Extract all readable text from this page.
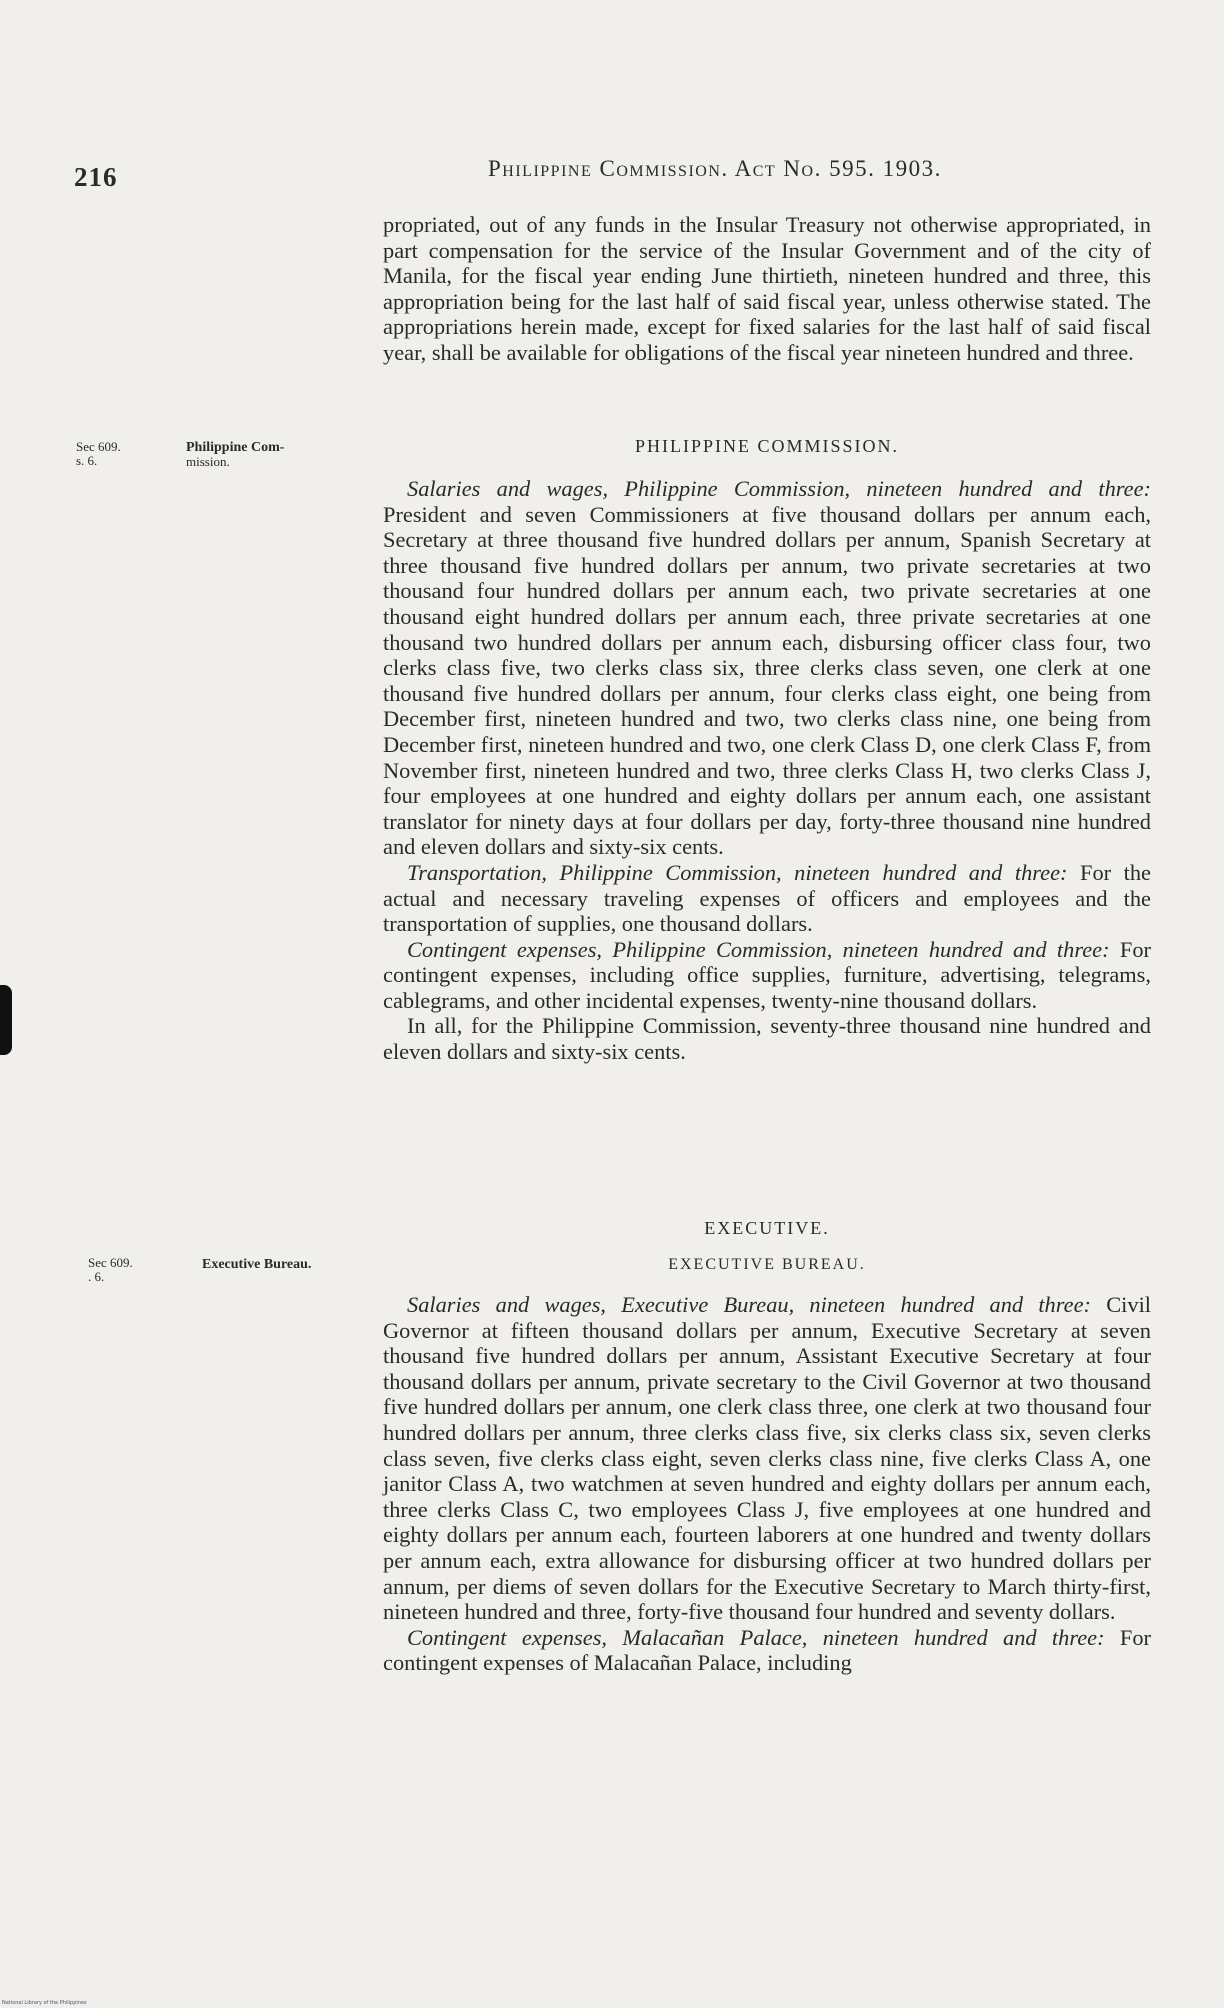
216	Philippine Commission. Act No. 595. 1903.

propriated, out of any funds in the Insular Treasury not otherwise appropriated, in part compensation for the service of the Insular Government and of the city of Manila, for the fiscal year ending June thirtieth, nineteen hundred and three, this appropriation being for the last half of said fiscal year, unless otherwise stated. The appropriations herein made, except for fixed salaries for the last half of said fiscal year, shall be available for obligations of the fiscal year nineteen hundred and three.

Sec 609.
s. 6.
Philippine Com-
mission.
PHILIPPINE COMMISSION.

Salaries and wages, Philippine Commission, nineteen hundred and three: President and seven Commissioners at five thousand dollars per annum each, Secretary at three thousand five hundred dollars per annum, Spanish Secretary at three thousand five hundred dollars per annum, two private secretaries at two thousand four hundred dollars per annum each, two private secretaries at one thousand eight hundred dollars per annum each, three private secretaries at one thousand two hundred dollars per annum each, disbursing officer class four, two clerks class five, two clerks class six, three clerks class seven, one clerk at one thousand five hundred dollars per annum, four clerks class eight, one being from December first, nineteen hundred and two, two clerks class nine, one being from December first, nineteen hundred and two, one clerk Class D, one clerk Class F, from November first, nineteen hundred and two, three clerks Class H, two clerks Class J, four employees at one hundred and eighty dollars per annum each, one assistant translator for ninety days at four dollars per day, forty-three thousand nine hundred and eleven dollars and sixty-six cents.

Transportation, Philippine Commission, nineteen hundred and three: For the actual and necessary traveling expenses of officers and employees and the transportation of supplies, one thousand dollars.

Contingent expenses, Philippine Commission, nineteen hundred and three: For contingent expenses, including office supplies, furniture, advertising, telegrams, cablegrams, and other incidental expenses, twenty-nine thousand dollars.

In all, for the Philippine Commission, seventy-three thousand nine hundred and eleven dollars and sixty-six cents.

EXECUTIVE.
Sec 609.
. 6.
Executive Bureau.	EXECUTIVE BUREAU.

Salaries and wages, Executive Bureau, nineteen hundred and three: Civil Governor at fifteen thousand dollars per annum, Executive Secretary at seven thousand five hundred dollars per annum, Assistant Executive Secretary at four thousand dollars per annum, private secretary to the Civil Governor at two thousand five hundred dollars per annum, one clerk class three, one clerk at two thousand four hundred dollars per annum, three clerks class five, six clerks class six, seven clerks class seven, five clerks class eight, seven clerks class nine, five clerks Class A, one janitor Class A, two watchmen at seven hundred and eighty dollars per annum each, three clerks Class C, two employees Class J, five employees at one hundred and eighty dollars per annum each, fourteen laborers at one hundred and twenty dollars per annum each, extra allowance for disbursing officer at two hundred dollars per annum, per diems of seven dollars for the Executive Secretary to March thirty-first, nineteen hundred and three, forty-five thousand four hundred and seventy dollars.

Contingent expenses, Malacañan Palace, nineteen hundred and three: For contingent expenses of Malacañan Palace, including

National Library of the Philippines
